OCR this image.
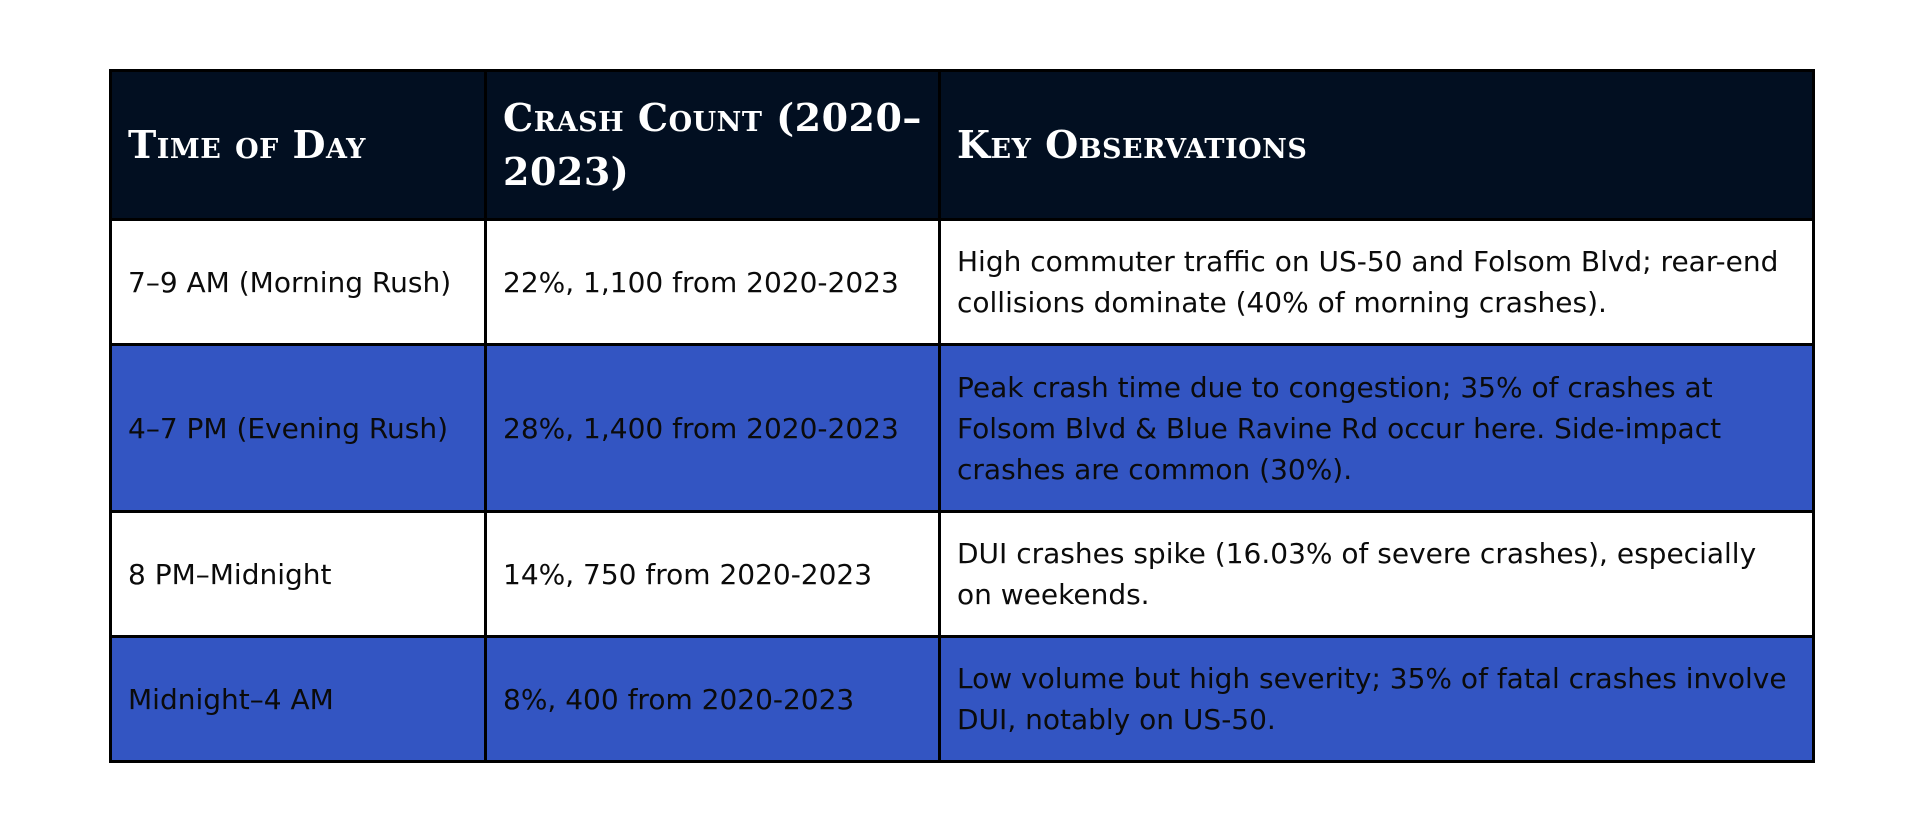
Time of Day	Crash Count (2020–2023)	Key Observations
7–9 AM (Morning Rush)	22%, 1,100 from 2020-2023	High commuter traffic on US-50 and Folsom Blvd; rear-end collisions dominate (40% of morning crashes).
4–7 PM (Evening Rush)	28%, 1,400 from 2020-2023	Peak crash time due to congestion; 35% of crashes at Folsom Blvd & Blue Ravine Rd occur here. Side-impact crashes are common (30%).
8 PM–Midnight	14%, 750 from 2020-2023	DUI crashes spike (16.03% of severe crashes), especially on weekends.
Midnight–4 AM	8%, 400 from 2020-2023	Low volume but high severity; 35% of fatal crashes involve DUI, notably on US-50.
